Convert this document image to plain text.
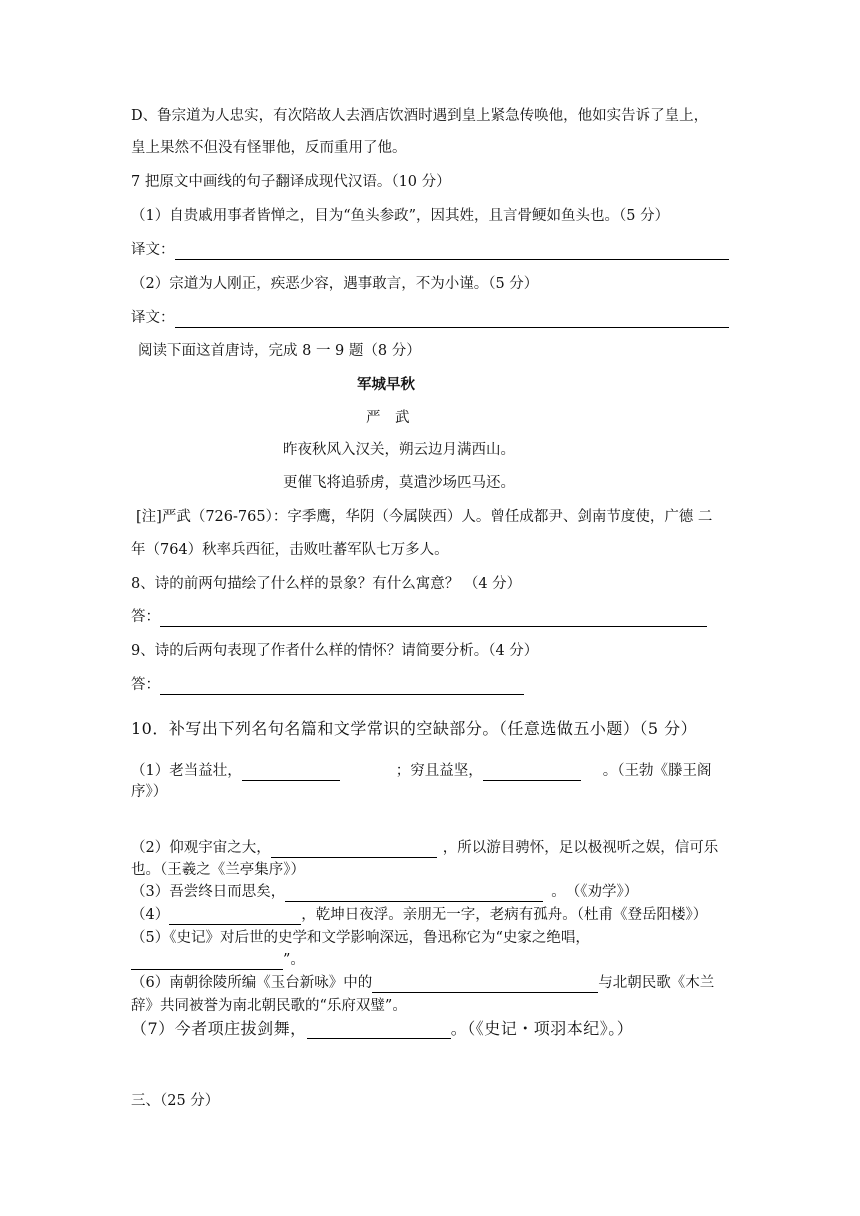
D、鲁宗道为人忠实，有次陪故人去酒店饮酒时遇到皇上紧急传唤他，他如实告诉了皇上，
皇上果然不但没有怪罪他，反而重用了他。
7 把原文中画线的句子翻译成现代汉语。（10 分）
（1）自贵戚用事者皆惮之，目为“鱼头参政”，因其姓，且言骨鲠如鱼头也。（5 分）
译文：
（2）宗道为人刚正，疾恶少容，遇事敢言，不为小谨。（5 分）
译文：
阅读下面这首唐诗，完成 8 一 9 题（8 分）
军城早秋
严　武
昨夜秋风入汉关，朔云边月满西山。
更催飞将追骄虏，莫遣沙场匹马还。
[注]严武（726-765）：字季鹰，华阴（今属陕西）人。曾任成都尹、剑南节度使，广德 二
年（764）秋率兵西征，击败吐蕃军队七万多人。
8、诗的前两句描绘了什么样的景象？有什么寓意？ （4 分）
答：
9、诗的后两句表现了作者什么样的情怀？请简要分析。（4 分）
答：
10．补写出下列名句名篇和文学常识的空缺部分。（任意选做五小题）（5 分）
（1）老当益壮，	；穷且益坚，	。（王勃《滕王阁
序》）
（2）仰观宇宙之大，	，所以游目骋怀，足以极视听之娱，信可乐
也。（王羲之《兰亭集序》）
（3）吾尝终日而思矣，	。　（《劝学》）
（4）	，乾坤日夜浮。亲朋无一字，老病有孤舟。（杜甫《登岳阳楼》）
（5）《史记》对后世的史学和文学影响深远，鲁迅称它为“史家之绝唱，
”。
（6）南朝徐陵所编《玉台新咏》中的	与北朝民歌《木兰
辞》共同被誉为南北朝民歌的“乐府双璧”。
（7）今者项庄拔剑舞，	。（《史记・项羽本纪》。）
三、（25 分）
